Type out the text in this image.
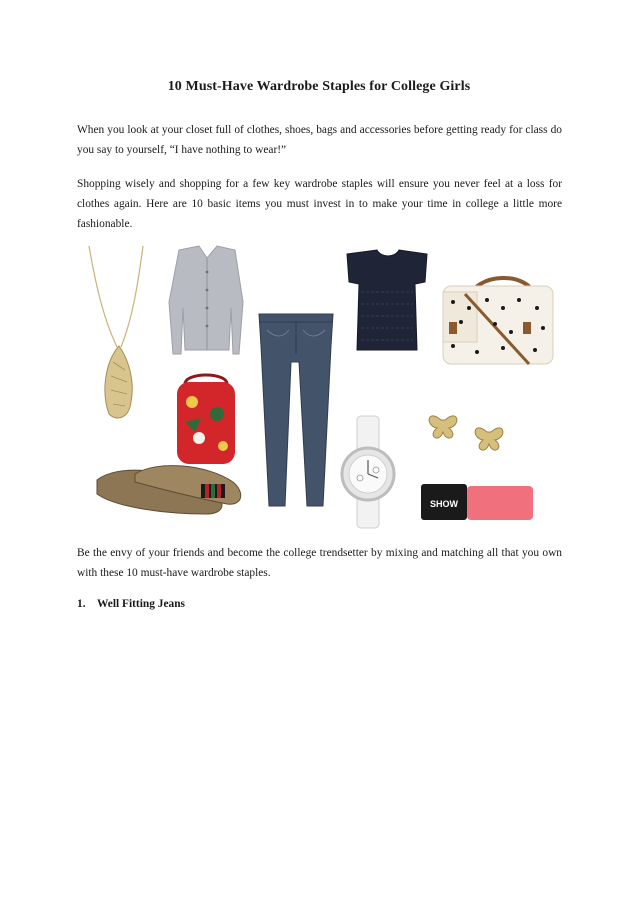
10 Must-Have Wardrobe Staples for College Girls

When you look at your closet full of clothes, shoes, bags and accessories before getting ready for class do you say to yourself, “I have nothing to wear!”

Shopping wisely and shopping for a few key wardrobe staples will ensure you never feel at a loss for clothes again. Here are 10 basic items you must invest in to make your time in college a little more fashionable.

SHOW

Be the envy of your friends and become the college trendsetter by mixing and matching all that you own with these 10 must-have wardrobe staples.

1. Well Fitting Jeans
